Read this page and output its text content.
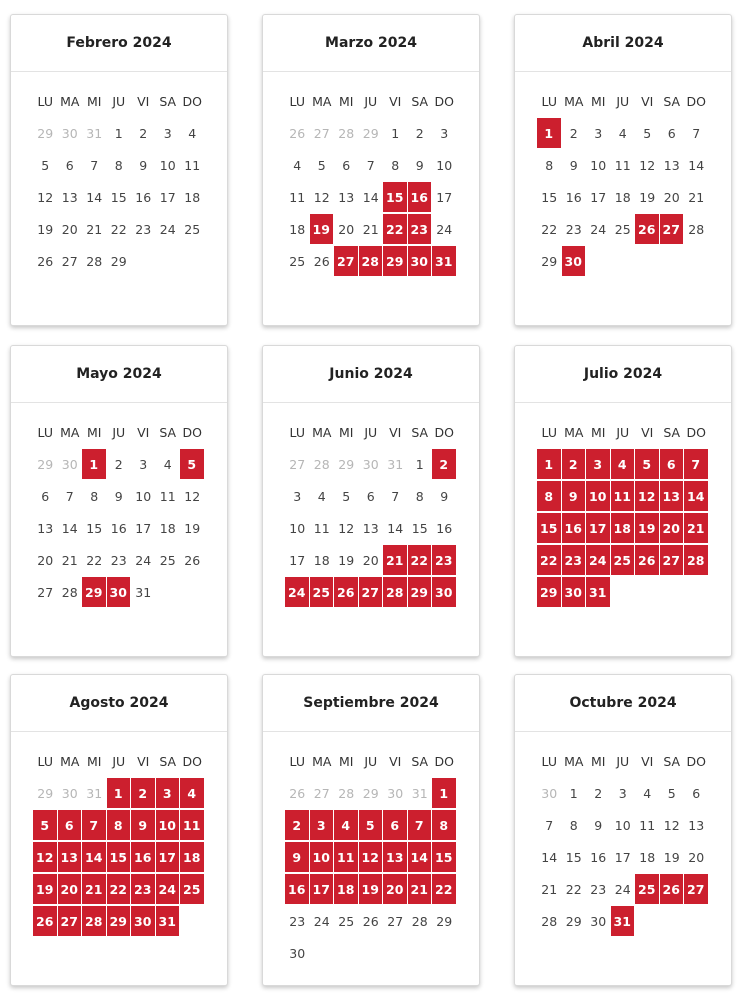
Febrero 2024
LU MA MI JU VI SA DO
29 30 31	1	2	3	4
5	6	7	8	9	10 11
12 13 14 15 16 17 18
19 20 21 22 23 24 25
26 27 28 29
Marzo 2024
LU MA MI JU VI SA DO
26 27 28 29	1	2	3
4	5	6	7	8	9	10
11 12 13 14 15 16 17
18 19 20 21 22 23 24
25 26 27 28 29 30 31
Abril 2024
LU MA MI JU VI SA DO
1	2	3	4	5	6	7
8	9	10 11 12 13 14
15 16 17 18 19 20 21
22 23 24 25 26 27 28
29 30
Mayo 2024
LU MA MI JU VI SA DO
29 30 1	2	3	4	5
6	7	8	9	10 11 12
13 14 15 16 17 18 19
20 21 22 23 24 25 26
27 28 29 30 31
Junio 2024
LU MA MI JU VI SA DO
27 28 29 30 31	1	2
3	4	5	6	7	8	9
10 11 12 13 14 15 16
17 18 19 20 21 22 23
24 25 26 27 28 29 30
Julio 2024
LU MA MI JU VI SA DO
1	2	3	4	5	6	7
8	9 10 11 12 13 14
15 16 17 18 19 20 21
22 23 24 25 26 27 28
29 30 31
Agosto 2024
LU MA MI JU VI SA DO
29 30 31 1	2	3	4
5	6	7	8	9 10 11
12 13 14 15 16 17 18
19 20 21 22 23 24 25
26 27 28 29 30 31
Septiembre 2024
LU MA MI JU VI SA DO
26 27 28 29 30 31 1
2	3	4	5	6	7	8
9 10 11 12 13 14 15
16 17 18 19 20 21 22
23 24 25 26 27 28 29
30
Octubre 2024
LU MA MI JU VI SA DO
30	1	2	3	4	5	6
7	8	9	10 11 12 13
14 15 16 17 18 19 20
21 22 23 24 25 26 27
28 29 30 31
